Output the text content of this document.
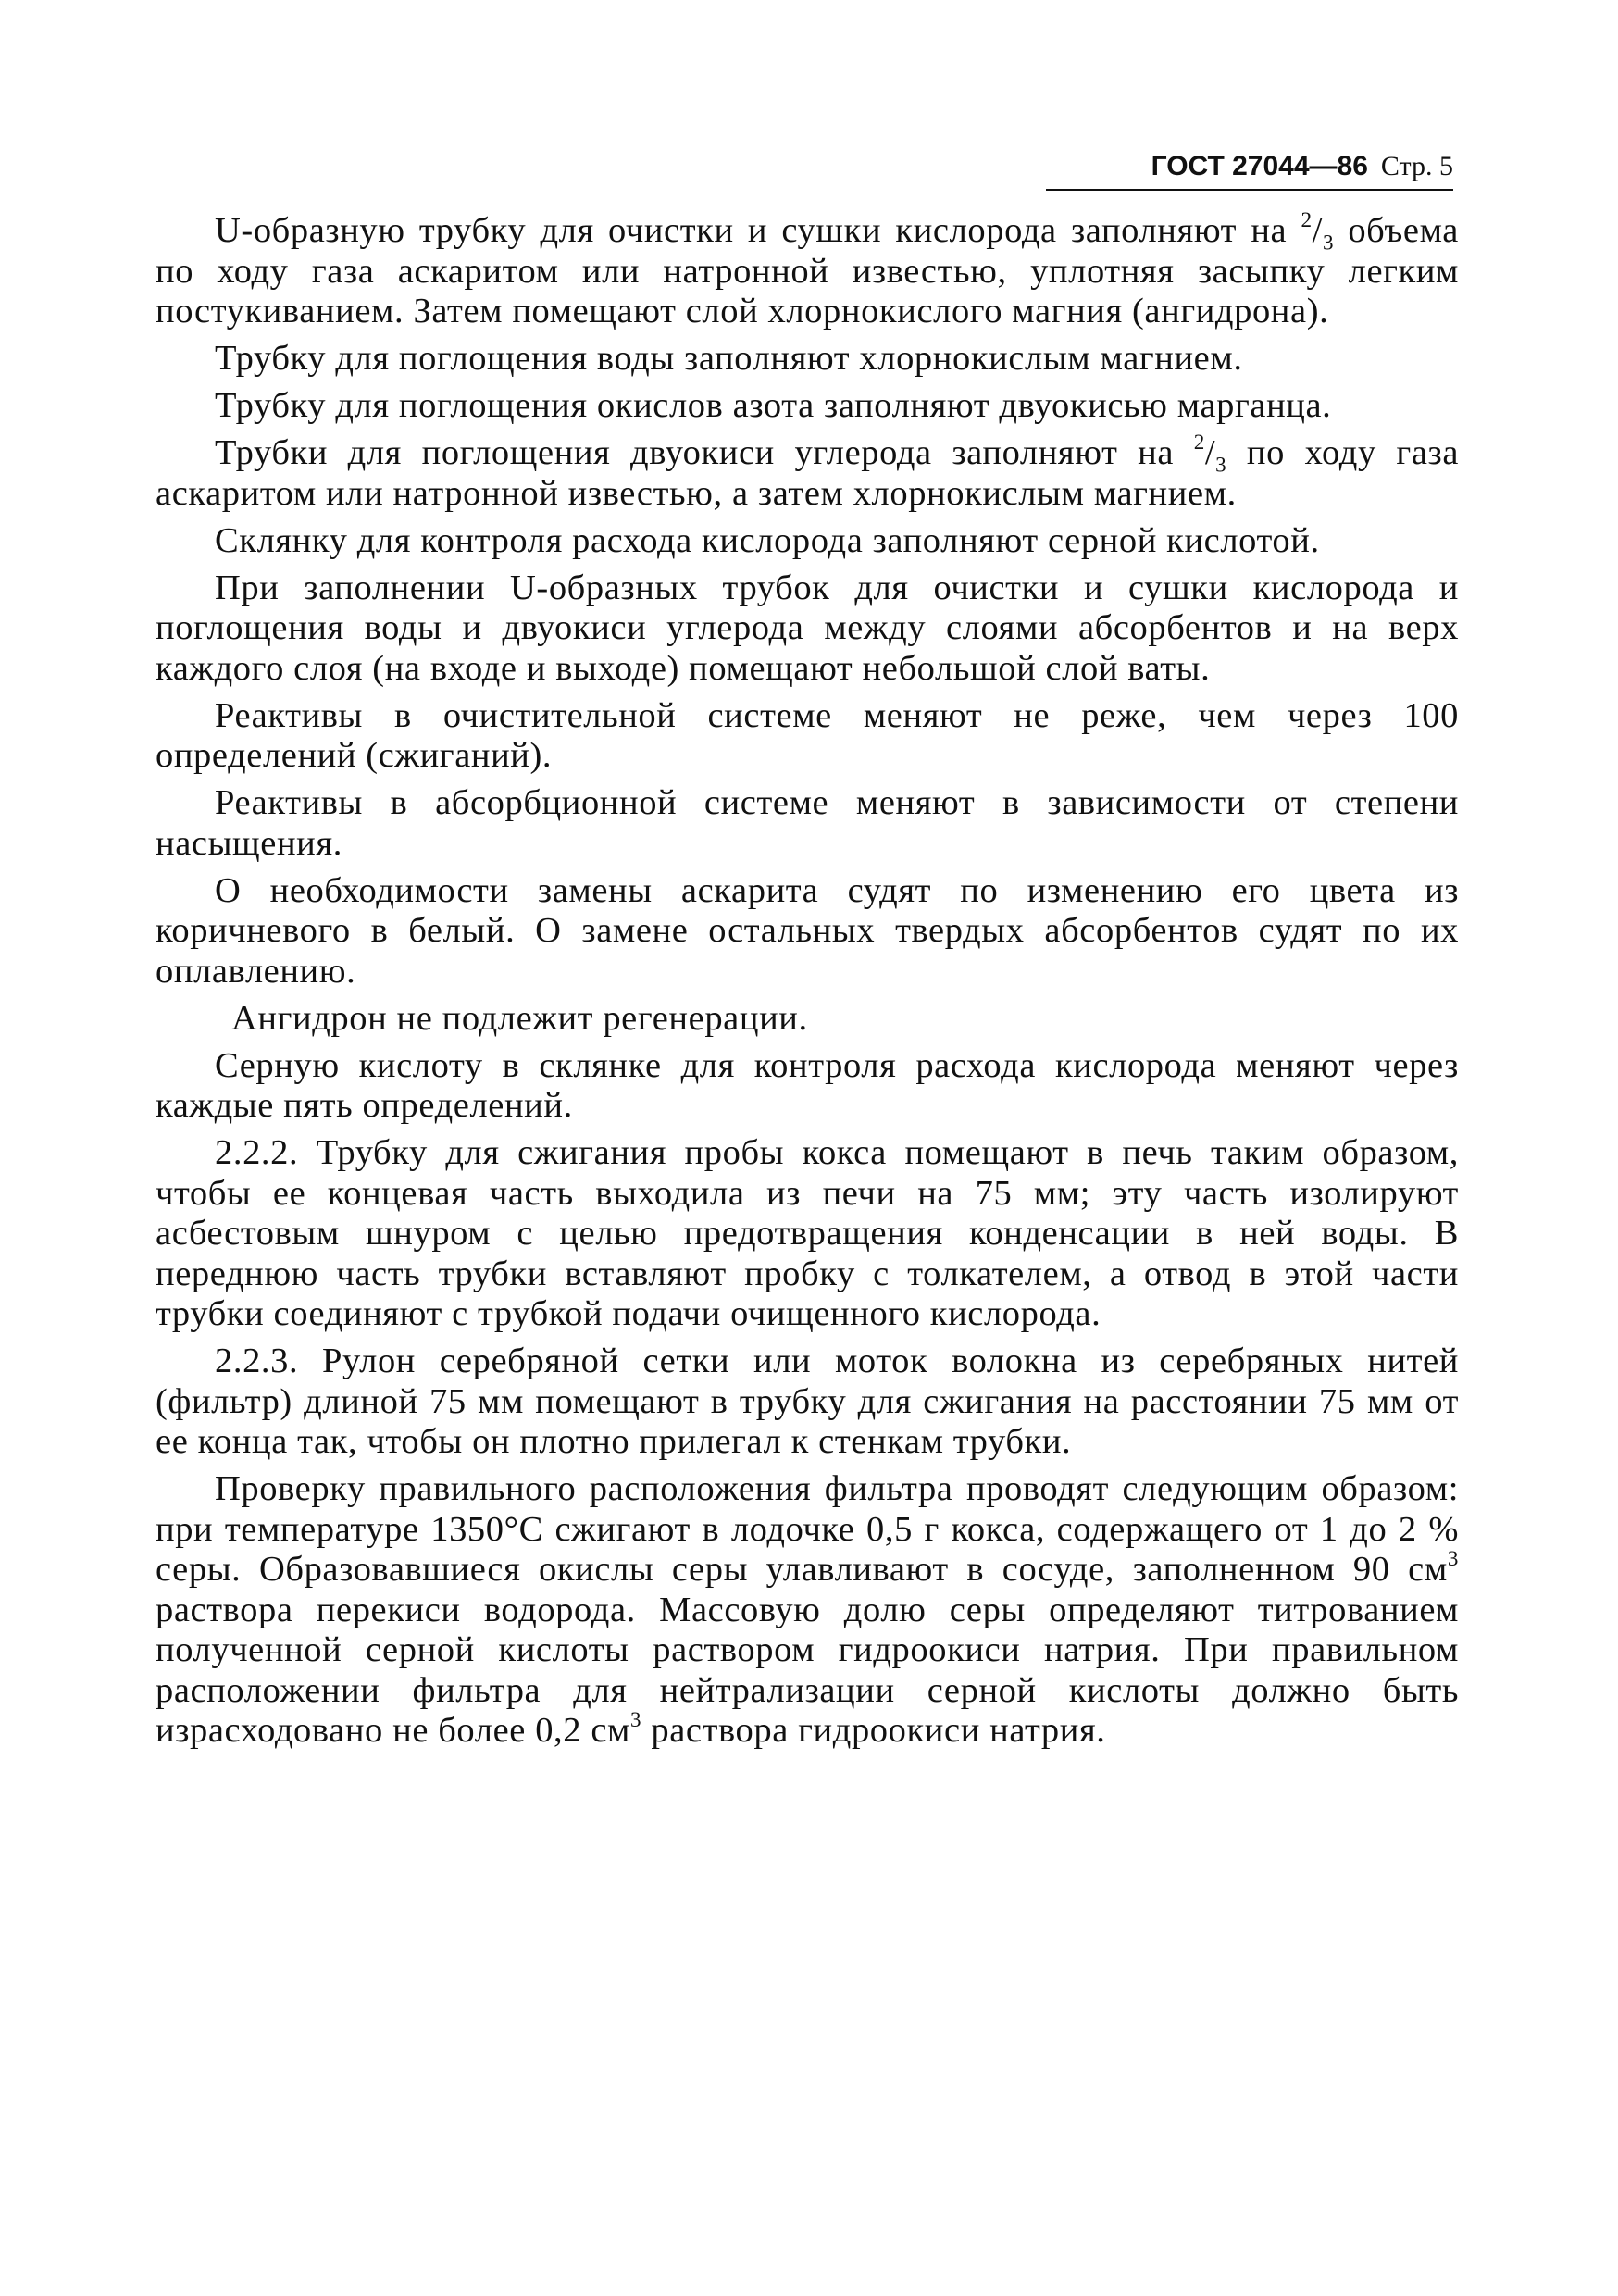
ГОСТ 27044—86 Стр. 5

U-образную трубку для очистки и сушки кислорода заполняют на $^2/_3$ объема по ходу газа аскаритом или натронной известью, уплотняя засыпку легким постукиванием. Затем помещают слой хлорнокислого магния (ангидрона).

Трубку для поглощения воды заполняют хлорнокислым магнием.

Трубку для поглощения окислов азота заполняют двуокисью марганца.

Трубки для поглощения двуокиси углерода заполняют на $^2/_3$ по ходу газа аскаритом или натронной известью, а затем хлорнокислым магнием.

Склянку для контроля расхода кислорода заполняют серной кислотой.

При заполнении U-образных трубок для очистки и сушки кислорода и поглощения воды и двуокиси углерода между слоями абсорбентов и на верх каждого слоя (на входе и выходе) помещают небольшой слой ваты.

Реактивы в очистительной системе меняют не реже, чем через 100 определений (сжиганий).

Реактивы в абсорбционной системе меняют в зависимости от степени насыщения.

О необходимости замены аскарита судят по изменению его цвета из коричневого в белый. О замене остальных твердых абсорбентов судят по их оплавлению.

Ангидрон не подлежит регенерации.

Серную кислоту в склянке для контроля расхода кислорода меняют через каждые пять определений.

2.2.2. Трубку для сжигания пробы кокса помещают в печь таким образом, чтобы ее концевая часть выходила из печи на 75 мм; эту часть изолируют асбестовым шнуром с целью предотвращения конденсации в ней воды. В переднюю часть трубки вставляют пробку с толкателем, а отвод в этой части трубки соединяют с трубкой подачи очищенного кислорода.

2.2.3. Рулон серебряной сетки или моток волокна из серебряных нитей (фильтр) длиной 75 мм помещают в трубку для сжигания на расстоянии 75 мм от ее конца так, чтобы он плотно прилегал к стенкам трубки.

Проверку правильного расположения фильтра проводят следующим образом: при температуре 1350°С сжигают в лодочке 0,5 г кокса, содержащего от 1 до 2 % серы. Образовавшиеся окислы серы улавливают в сосуде, заполненном 90 $см^3$ раствора перекиси водорода. Массовую долю серы определяют титрованием полученной серной кислоты раствором гидроокиси натрия. При правильном расположении фильтра для нейтрализации серной кислоты должно быть израсходовано не более 0,2 $см^3$ раствора гидроокиси натрия.
